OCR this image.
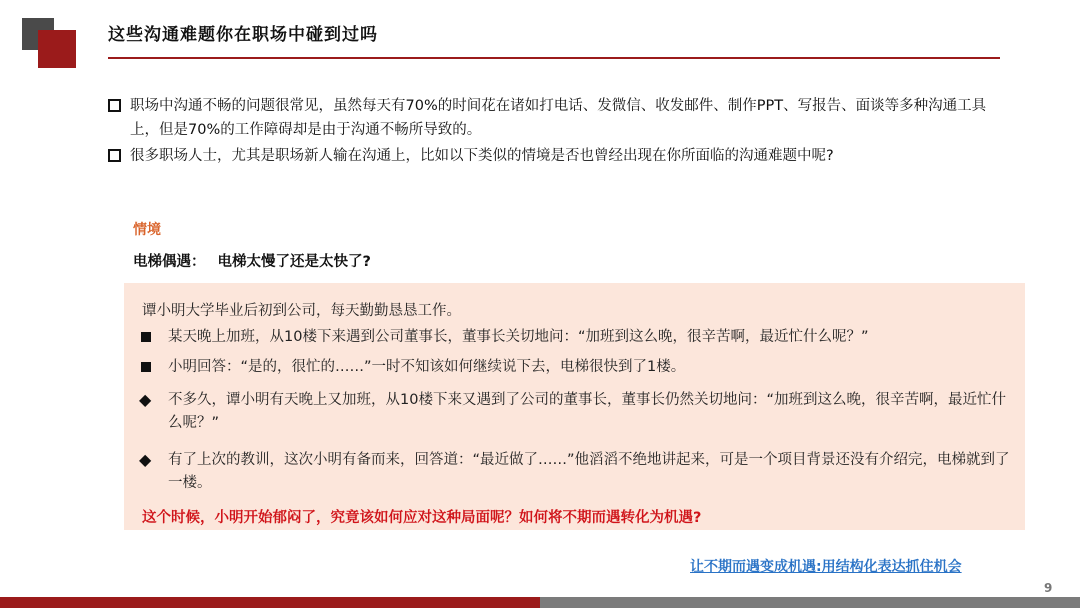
这些沟通难题你在职场中碰到过吗
职场中沟通不畅的问题很常见，虽然每天有70%的时间花在诸如打电话、发微信、收发邮件、制作PPT、写报告、面谈等多种沟通工具上，但是70%的工作障碍却是由于沟通不畅所导致的。
很多职场人士，尤其是职场新人输在沟通上，比如以下类似的情境是否也曾经出现在你所面临的沟通难题中呢?
情境
电梯偶遇： 电梯太慢了还是太快了?
谭小明大学毕业后初到公司，每天勤勤恳恳工作。
某天晚上加班，从10楼下来遇到公司董事长，董事长关切地问：“加班到这么晚，很辛苦啊，最近忙什么呢？”
小明回答：“是的，很忙的……”一时不知该如何继续说下去，电梯很快到了1楼。
◆ 不多久，谭小明有天晚上又加班，从10楼下来又遇到了公司的董事长，董事长仍然关切地问：“加班到这么晚，很辛苦啊，最近忙什么呢？”
◆ 有了上次的教训，这次小明有备而来，回答道：“最近做了……”他滔滔不绝地讲起来，可是一个项目背景还没有介绍完，电梯就到了一楼。
这个时候，小明开始郁闷了，究竟该如何应对这种局面呢？如何将不期而遇转化为机遇?
让不期而遇变成机遇:用结构化表达抓住机会
9
